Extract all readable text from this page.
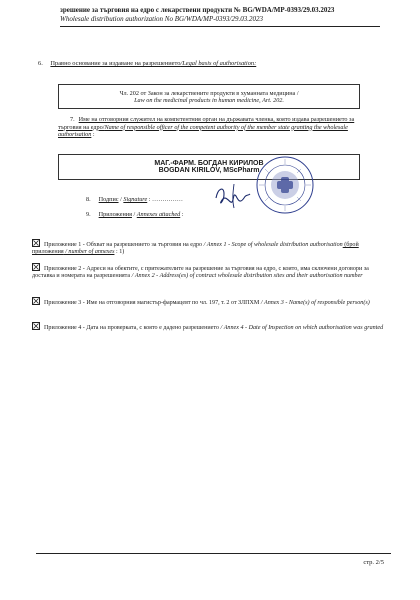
зрешение за търговия на едро с лекарствени продукти № BG/WDA/MP-0393/29.03.2023
Wholesale distribution authorization No BG/WDA/MP-0393/29.03.2023
6. Правно основание за издаване на разрешението/Legal basis of authorisation:
Чл. 202 от Закон за лекарствените продукти в хуманната медицина /
Law on the medicinal products in human medicine, Art. 202.
7. Име на отговорния служител на компетентния орган на държавата членка, която издава разрешението за търговия на едро/Name of responsible officer of the competent authority of the member state granting the wholesale authorisation :
МАГ.-ФАРМ. БОГДАН КИРИЛОВ
BOGDAN KIRILOV, MScPharm
8. Подпис / Signature : ……………
9. Приложения / Annexes attached :
Приложение 1 - Обхват на разрешението за търговия на едро / Annex 1 - Scope of wholesale distribution authorisation (брой приложения / number of annexes : 1)
Приложение 2 - Адреси на обектите, с притежателите на разрешение за търговия на едро, с които, има сключени договори за доставка и номерата на разрешенията / Annex 2 - Address(es) of contract wholesale distribution sites and their authorisation number
Приложение 3 - Име на отговорния магистър-фармацевт по чл. 197, т. 2 от ЗЛПХМ / Annex 3 - Name(s) of responsible person(s)
Приложение 4 - Дата на проверката, с която е дадено разрешението / Annex 4 - Date of Inspection on which authorisation was granted
стр. 2/5
